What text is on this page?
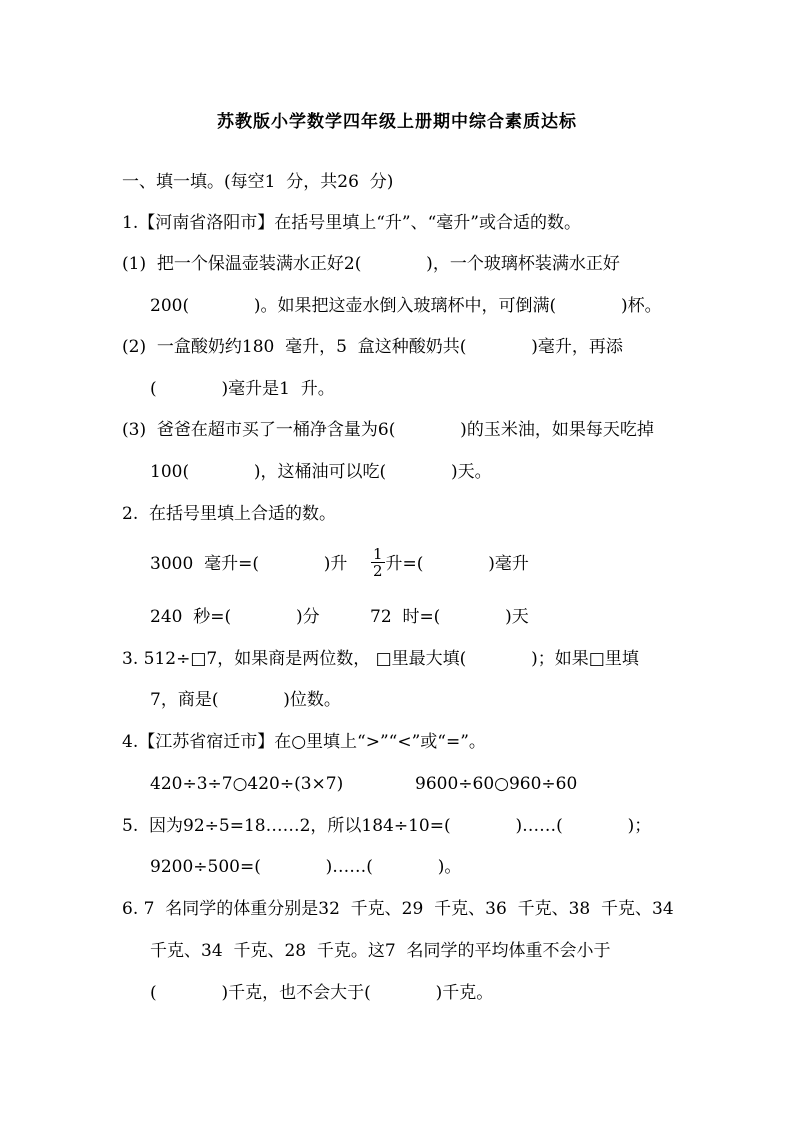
苏教版小学数学四年级上册期中综合素质达标
一、填一填。(每空1  分，共26  分)
1.【河南省洛阳市】在括号里填上“升”、“毫升”或合适的数。
(1)  把一个保温壶装满水正好2(            )，一个玻璃杯装满水正好
200(            )。如果把这壶水倒入玻璃杯中，可倒满(            )杯。
(2)  一盒酸奶约180  毫升，5  盒这种酸奶共(            )毫升，再添
(            )毫升是1  升。
(3)  爸爸在超市买了一桶净含量为6(            )的玉米油，如果每天吃掉
100(            )，这桶油可以吃(            )天。
2.  在括号里填上合适的数。
3000  毫升=(            )升 $\frac{1}{2}$ 升=(            )毫升
240  秒=(            )分	72  时=(            )天
3. 512÷□7，如果商是两位数， □里最大填(            )；如果□里填
7，商是(            )位数。
4.【江苏省宿迁市】在○里填上“>”“<”或“=”。
420÷3÷7○420÷(3×7)	9600÷60○960÷60
5.  因为92÷5=18……2，所以184÷10=(            )……(            )；
9200÷500=(            )……(            )。
6. 7  名同学的体重分别是32  千克、29  千克、36  千克、38  千克、34
千克、34  千克、28  千克。这7  名同学的平均体重不会小于
(            )千克，也不会大于(            )千克。
